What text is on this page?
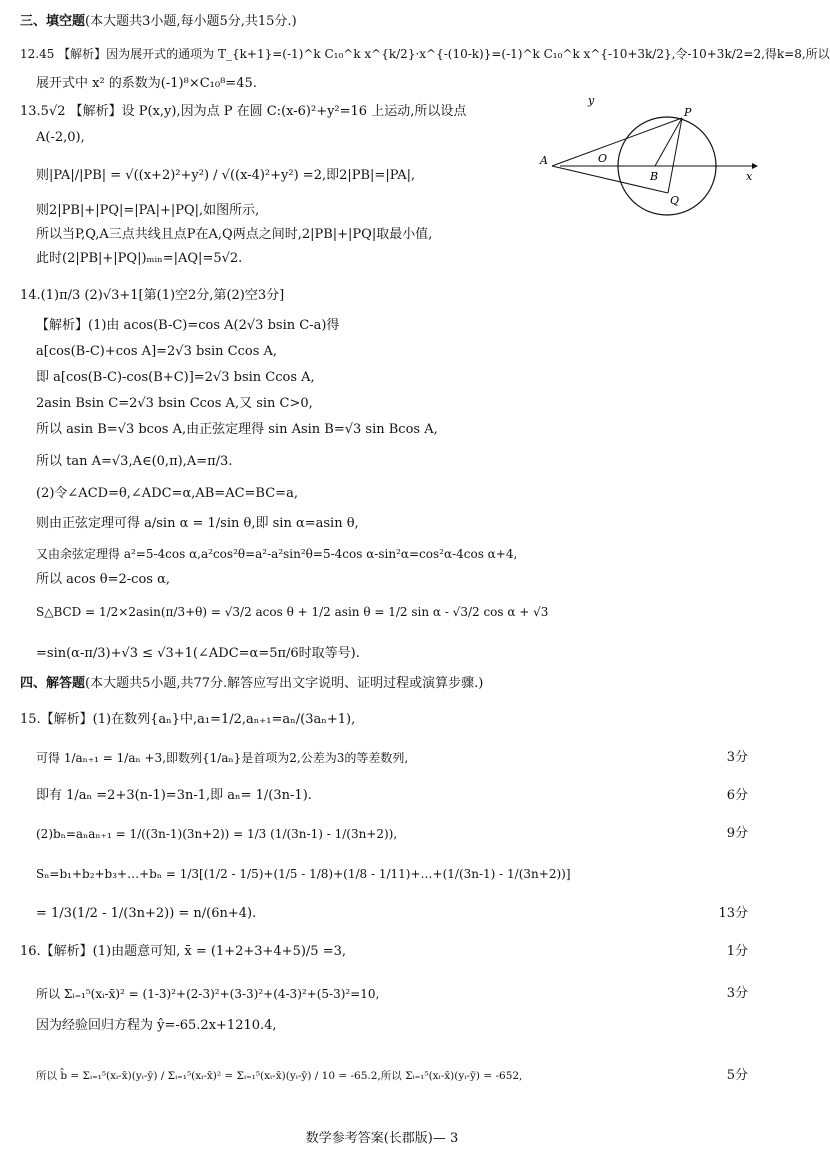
三、填空题(本大题共3小题,每小题5分,共15分.)
12.45 【解析】因为展开式的通项为 T_{k+1}=(-1)^k C₁₀^k x^{k/2}·x^{-(10-k)}=(-1)^k C₁₀^k x^{-10+3k/2},令-10+3k/2=2,得k=8,所以
展开式中 x² 的系数为(-1)⁸×C₁₀⁸=45.
13.5√2 【解析】设 P(x,y),因为点 P 在圆 C:(x-6)²+y²=16 上运动,所以设点
A(-2,0),
则|PA|/|PB| = √((x+2)²+y²) / √((x-4)²+y²) =2,即2|PB|=|PA|,
则2|PB|+|PQ|=|PA|+|PQ|,如图所示,
所以当P,Q,A三点共线且点P在A,Q两点之间时,2|PB|+|PQ|取最小值,
此时(2|PB|+|PQ|)ₘᵢₙ=|AQ|=5√2.
y
x
A	O
B
P
Q
14.(1)π/3 (2)√3+1[第(1)空2分,第(2)空3分]
【解析】(1)由 acos(B-C)=cos A(2√3 bsin C-a)得
a[cos(B-C)+cos A]=2√3 bsin Ccos A,
即 a[cos(B-C)-cos(B+C)]=2√3 bsin Ccos A,
2asin Bsin C=2√3 bsin Ccos A,又 sin C>0,
所以 asin B=√3 bcos A,由正弦定理得 sin Asin B=√3 sin Bcos A,
所以 tan A=√3,A∈(0,π),A=π/3.
(2)令∠ACD=θ,∠ADC=α,AB=AC=BC=a,
则由正弦定理可得 a/sin α = 1/sin θ,即 sin α=asin θ,
又由余弦定理得 a²=5-4cos α,a²cos²θ=a²-a²sin²θ=5-4cos α-sin²α=cos²α-4cos α+4,
所以 acos θ=2-cos α,
S△BCD = 1/2×2asin(π/3+θ) = √3/2 acos θ + 1/2 asin θ = 1/2 sin α - √3/2 cos α + √3
=sin(α-π/3)+√3 ≤ √3+1(∠ADC=α=5π/6时取等号).
四、解答题(本大题共5小题,共77分.解答应写出文字说明、证明过程或演算步骤.)
15.【解析】(1)在数列{aₙ}中,a₁=1/2,aₙ₊₁=aₙ/(3aₙ+1),
可得 1/aₙ₊₁ = 1/aₙ +3,即数列{1/aₙ}是首项为2,公差为3的等差数列,	3分
即有 1/aₙ =2+3(n-1)=3n-1,即 aₙ= 1/(3n-1).	6分
(2)bₙ=aₙaₙ₊₁ = 1/((3n-1)(3n+2)) = 1/3 (1/(3n-1) - 1/(3n+2)),	9分
Sₙ=b₁+b₂+b₃+…+bₙ = 1/3[(1/2 - 1/5)+(1/5 - 1/8)+(1/8 - 1/11)+…+(1/(3n-1) - 1/(3n+2))]
= 1/3(1/2 - 1/(3n+2)) = n/(6n+4).	13分
16.【解析】(1)由题意可知, x̄ = (1+2+3+4+5)/5 =3,	1分
所以 Σᵢ₌₁⁵(xᵢ-x̄)² = (1-3)²+(2-3)²+(3-3)²+(4-3)²+(5-3)²=10,	3分
因为经验回归方程为 ŷ=-65.2x+1210.4,
所以 b̂ = Σᵢ₌₁⁵(xᵢ-x̄)(yᵢ-ȳ) / Σᵢ₌₁⁵(xᵢ-x̄)² = Σᵢ₌₁⁵(xᵢ-x̄)(yᵢ-ȳ) / 10 = -65.2,所以 Σᵢ₌₁⁵(xᵢ-x̄)(yᵢ-ȳ) = -652,	5分
数学参考答案(长郡版)— 3
